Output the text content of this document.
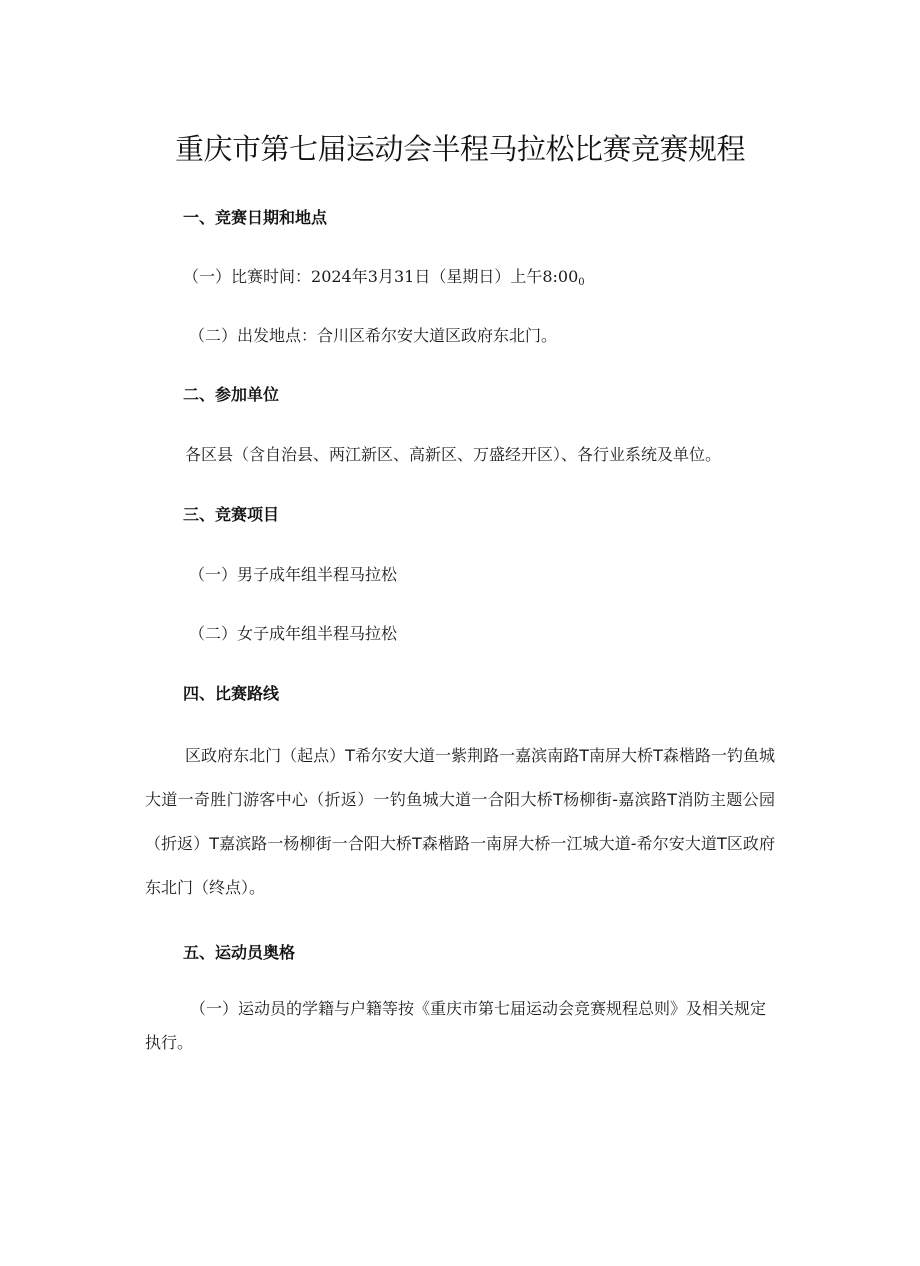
重庆市第七届运动会半程马拉松比赛竞赛规程
一、竞赛日期和地点

（一）比赛时间：2024年3月31日（星期日）上午8:000

（二）出发地点：合川区希尔安大道区政府东北门。

二、参加单位

各区县（含自治县、两江新区、高新区、万盛经开区）、各行业系统及单位。

三、竞赛项目

（一）男子成年组半程马拉松

（二）女子成年组半程马拉松

四、比赛路线

区政府东北门（起点）T希尔安大道一紫荆路一嘉滨南路T南屏大桥T森楷路一钓鱼城大道一奇胜门游客中心（折返）一钓鱼城大道一合阳大桥T杨柳街-嘉滨路T消防主题公园（折返）T嘉滨路一杨柳街一合阳大桥T森楷路一南屏大桥一江城大道-希尔安大道T区政府东北门（终点）。

五、运动员奥格

（一）运动员的学籍与户籍等按《重庆市第七届运动会竞赛规程总则》及相关规定执行。
